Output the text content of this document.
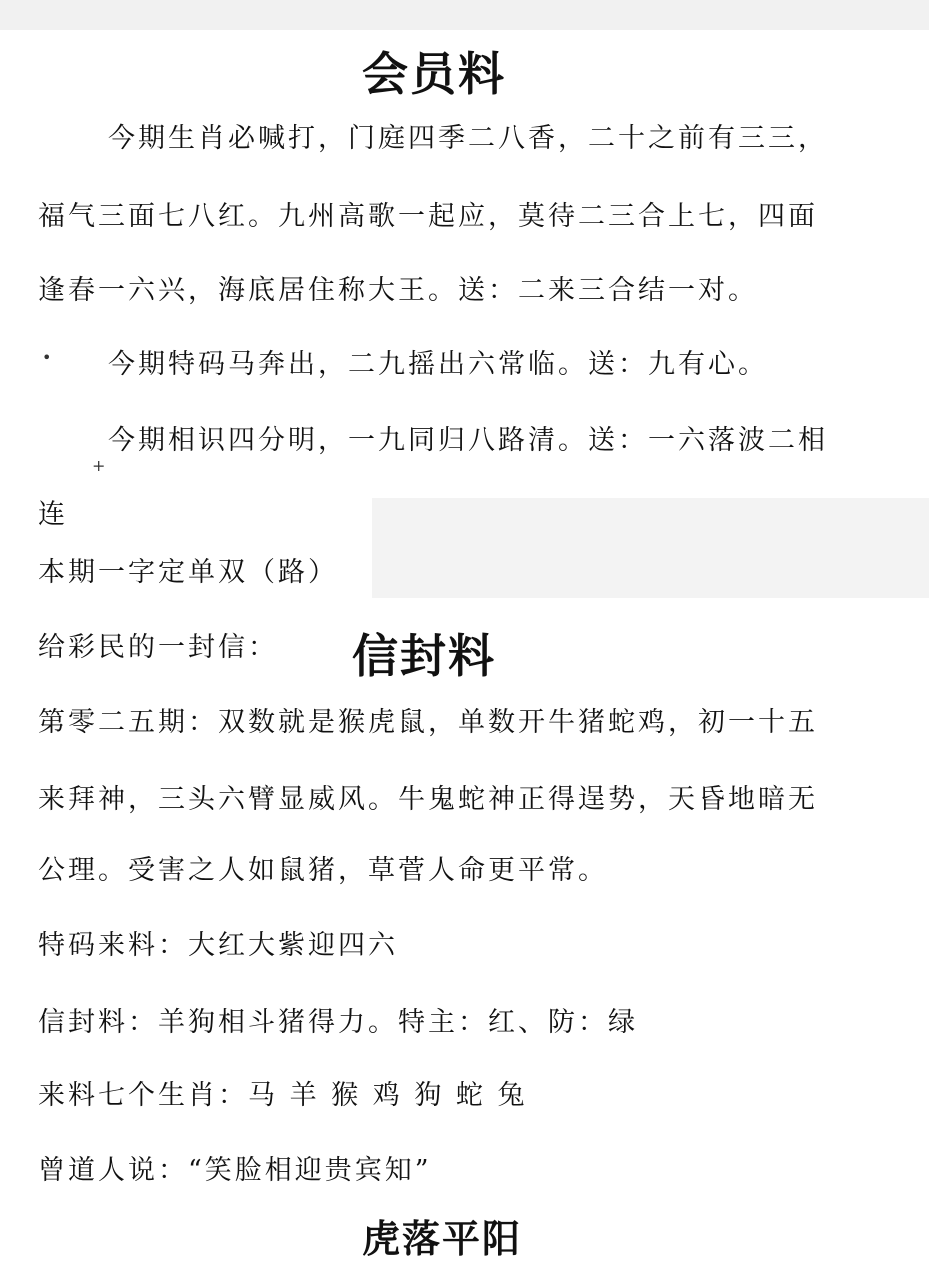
会员料
今期生肖必喊打，门庭四季二八香，二十之前有三三，
福气三面七八红。九州高歌一起应，莫待二三合上七，四面
逢春一六兴，海底居住称大王。送：二来三合结一对。
• 今期特码马奔出，二九摇出六常临。送：九有心。
今期相识四分明，一九同归八路清。送：一六落波二相
+
连
本期一字定单双（路）
给彩民的一封信： 信封料
第零二五期：双数就是猴虎鼠，单数开牛猪蛇鸡，初一十五
来拜神，三头六臂显威风。牛鬼蛇神正得逞势，天昏地暗无
公理。受害之人如鼠猪，草菅人命更平常。
特码来料：大红大紫迎四六
信封料：羊狗相斗猪得力。特主：红、防：绿
来料七个生肖：马 羊 猴 鸡 狗 蛇 兔
曾道人说：“笑脸相迎贵宾知”
虎落平阳
